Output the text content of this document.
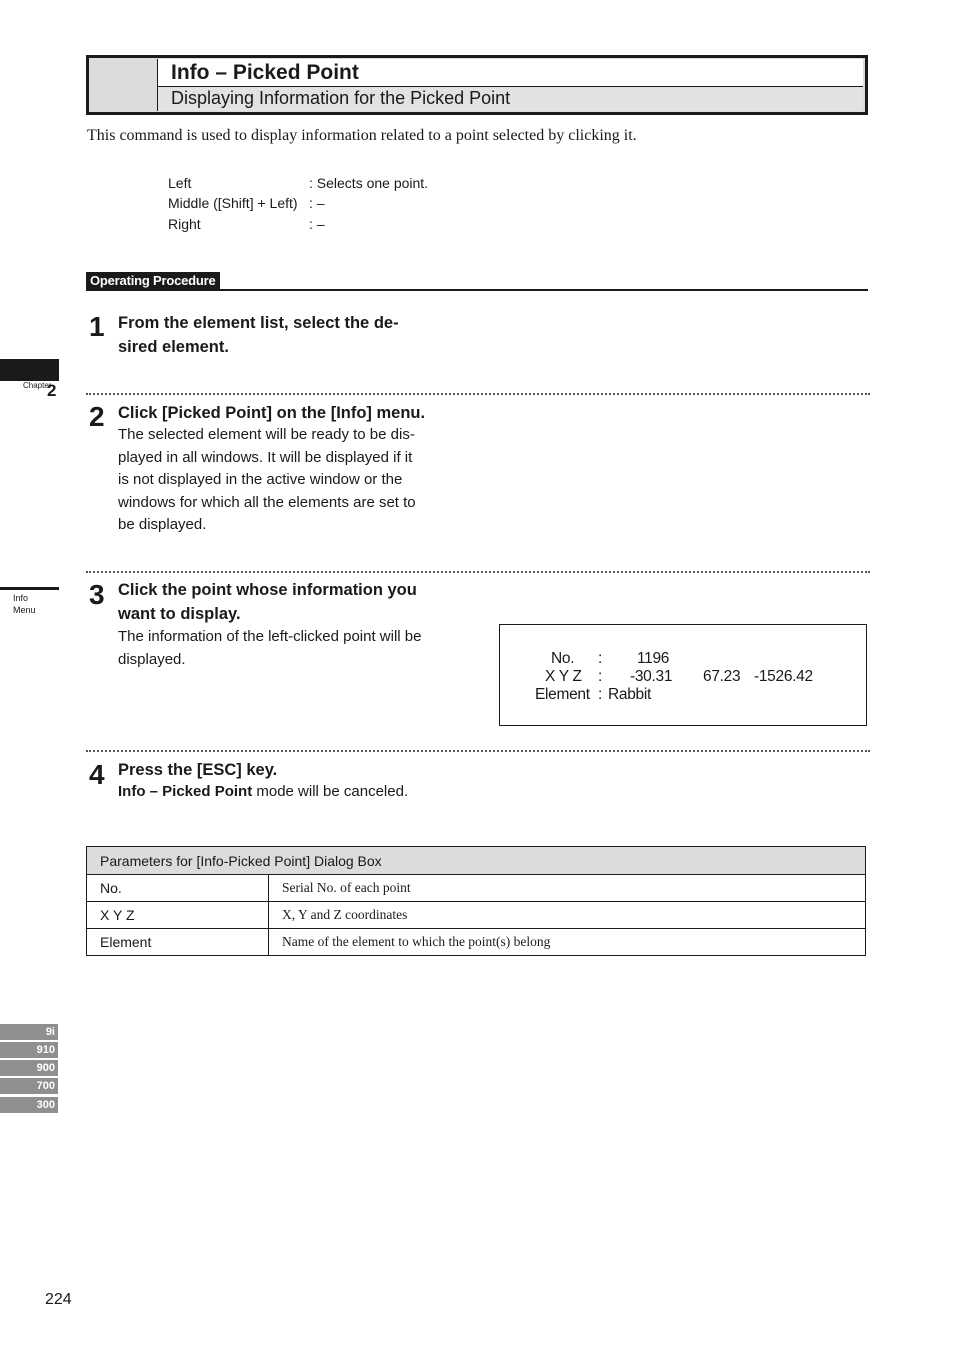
Info – Picked Point
Displaying Information for the Picked Point
This command is used to display information related to a point selected by clicking it.
Left	: Selects one point.
Middle ([Shift] + Left) : –
Right	: –
Operating Procedure
1 From the element list, select the de-
sired element.
2 Click [Picked Point] on the [Info] menu.
The selected element will be ready to be dis-
played in all windows. It will be displayed if it
is not displayed in the active window or the
windows for which all the elements are set to
be displayed.
3 Click the point whose information you
want to display.
The information of the left-clicked point will be
displayed.	No. : 1196
X Y Z : -30.31 67.23 -1526.42
Element : Rabbit
4 Press the [ESC] key.
Info – Picked Point mode will be canceled.
Parameters for [Info-Picked Point] Dialog Box	
No.	Serial No. of each point
X Y Z	X, Y and Z coordinates
Element	Name of the element to which the point(s) belong
Chapter
2
Info
Menu
9i
910
900
700
300
224
